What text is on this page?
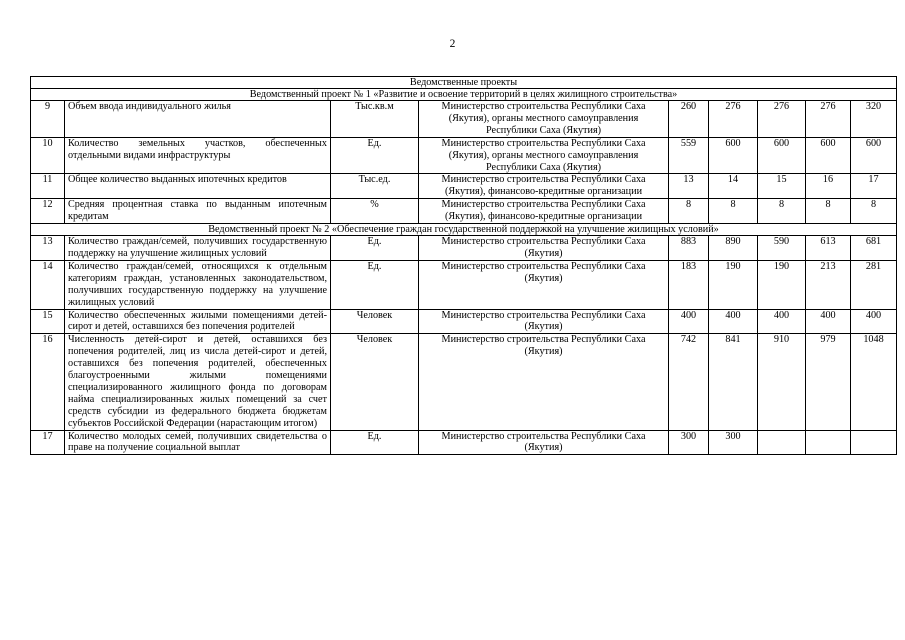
2
Ведомственные проекты								
Ведомственный проект № 1 «Развитие и освоение территорий в целях жилищного строительства»								
9	Объем ввода индивидуального жилья	Тыс.кв.м	Министерство строительства Республики Саха (Якутия), органы местного самоуправления Республики Саха (Якутия)	260	276	276	276	320
10	Количество земельных участков, обеспеченных отдельными видами инфраструктуры	Ед.	Министерство строительства Республики Саха (Якутия), органы местного самоуправления Республики Саха (Якутия)	559	600	600	600	600
11	Общее количество выданных ипотечных кредитов	Тыс.ед.	Министерство строительства Республики Саха (Якутия), финансово-кредитные организации	13	14	15	16	17
12	Средняя процентная ставка по выданным ипотечным кредитам	%	Министерство строительства Республики Саха (Якутия), финансово-кредитные организации	8	8	8	8	8
Ведомственный проект № 2 «Обеспечение граждан государственной поддержкой на улучшение жилищных условий»								
13	Количество граждан/семей, получивших государственную поддержку на улучшение жилищных условий	Ед.	Министерство строительства Республики Саха (Якутия)	883	890	590	613	681
14	Количество граждан/семей, относящихся к отдельным категориям граждан, установленных законодательством, получивших государственную поддержку на улучшение жилищных условий	Ед.	Министерство строительства Республики Саха (Якутия)	183	190	190	213	281
15	Количество обеспеченных жилыми помещениями детей-сирот и детей, оставшихся без попечения родителей	Человек	Министерство строительства Республики Саха (Якутия)	400	400	400	400	400
16	Численность детей-сирот и детей, оставшихся без попечения родителей, лиц из числа детей-сирот и детей, оставшихся без попечения родителей, обеспеченных благоустроенными жилыми помещениями специализированного жилищного фонда по договорам найма специализированных жилых помещений за счет средств субсидии из федерального бюджета бюджетам субъектов Российской Федерации (нарастающим итогом)	Человек	Министерство строительства Республики Саха (Якутия)	742	841	910	979	1048
17	Количество молодых семей, получивших свидетельства о праве на получение социальной выплат	Ед.	Министерство строительства Республики Саха (Якутия)	300	300			
